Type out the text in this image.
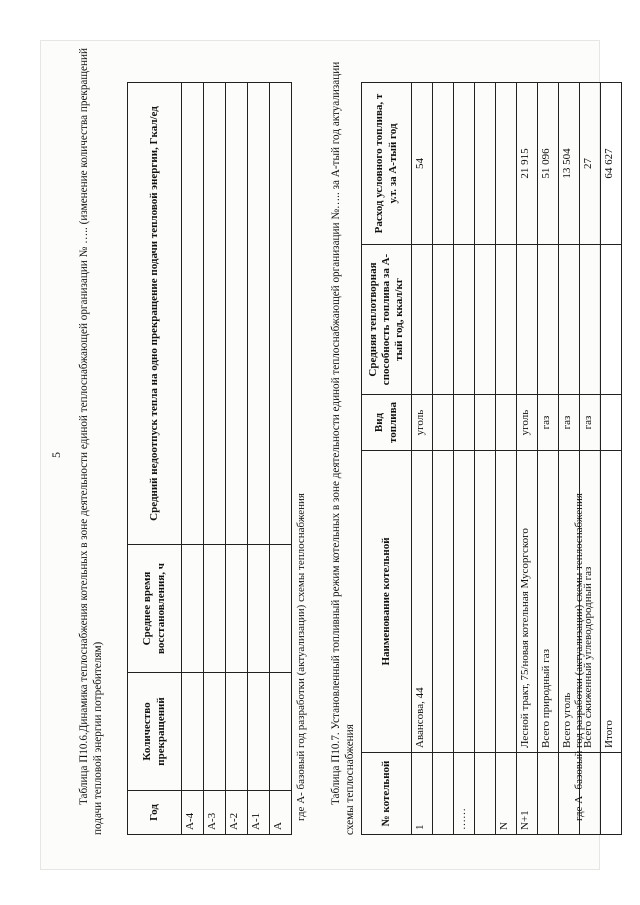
5 Таблица П10.6.Динамика теплоснабжения котельных в зоне деятельности единой теплоснабжающей организации № ….. (изменение количества прекращений подачи тепловой энергии потребителям)	Год	Количество прекращений	Среднее время восстановления, ч	Средний недоотпуск тепла на одно прекращение подачи тепловой энергии, Гкал/ед
А-4			
А-3			
А-2			
А-1			
А			
где А- базовый год разработки (актуализации) схемы теплоснабжения Таблица П10.7. Установленный топливный режим котельных в зоне деятельности единой теплоснабжающей организации №….. за А-тый год актуализации схемы теплоснабжения № котельной	Наименование котельной	Вид топлива	Средняя теплотворная способность топлива за А-тый год, ккал/кг	Расход условного топлива, т у.т. за А-тый год
1	Авансова, 44	уголь		54

……				

N				
N+1	Лесной тракт, 75/новая котельная Мусоргского	уголь		21 915
	Всего природный газ	газ		51 096
	Всего уголь	газ		13 504
	Всего сжиженный углеводородный газ	газ		27
	Итого			64 627
где А- базовый год разработки (актуализации) схемы теплоснабжения
